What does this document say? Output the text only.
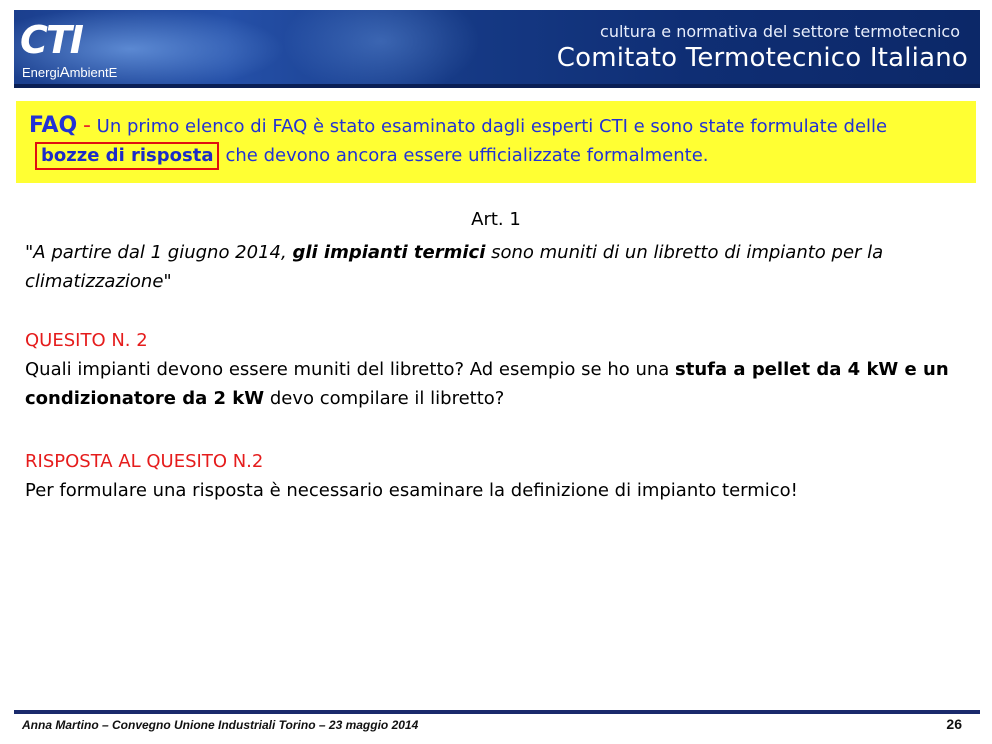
CTI
EnergiAmbientE
cultura e normativa del settore termotecnico
Comitato Termotecnico Italiano
FAQ - Un primo elenco di FAQ è stato esaminato dagli esperti CTI e sono state formulate dellebozze di risposta che devono ancora essere ufficializzate formalmente.
Art. 1
"A partire dal 1 giugno 2014, gli impianti termici sono muniti di un libretto di impianto per la climatizzazione"
QUESITO N. 2
Quali impianti devono essere muniti del libretto? Ad esempio se ho una stufa a pellet da 4 kW e un condizionatore da 2 kW devo compilare il libretto?
RISPOSTA AL QUESITO N.2
Per formulare una risposta è necessario esaminare la definizione di impianto termico!
Anna Martino – Convegno Unione Industriali Torino – 23 maggio 2014	26
